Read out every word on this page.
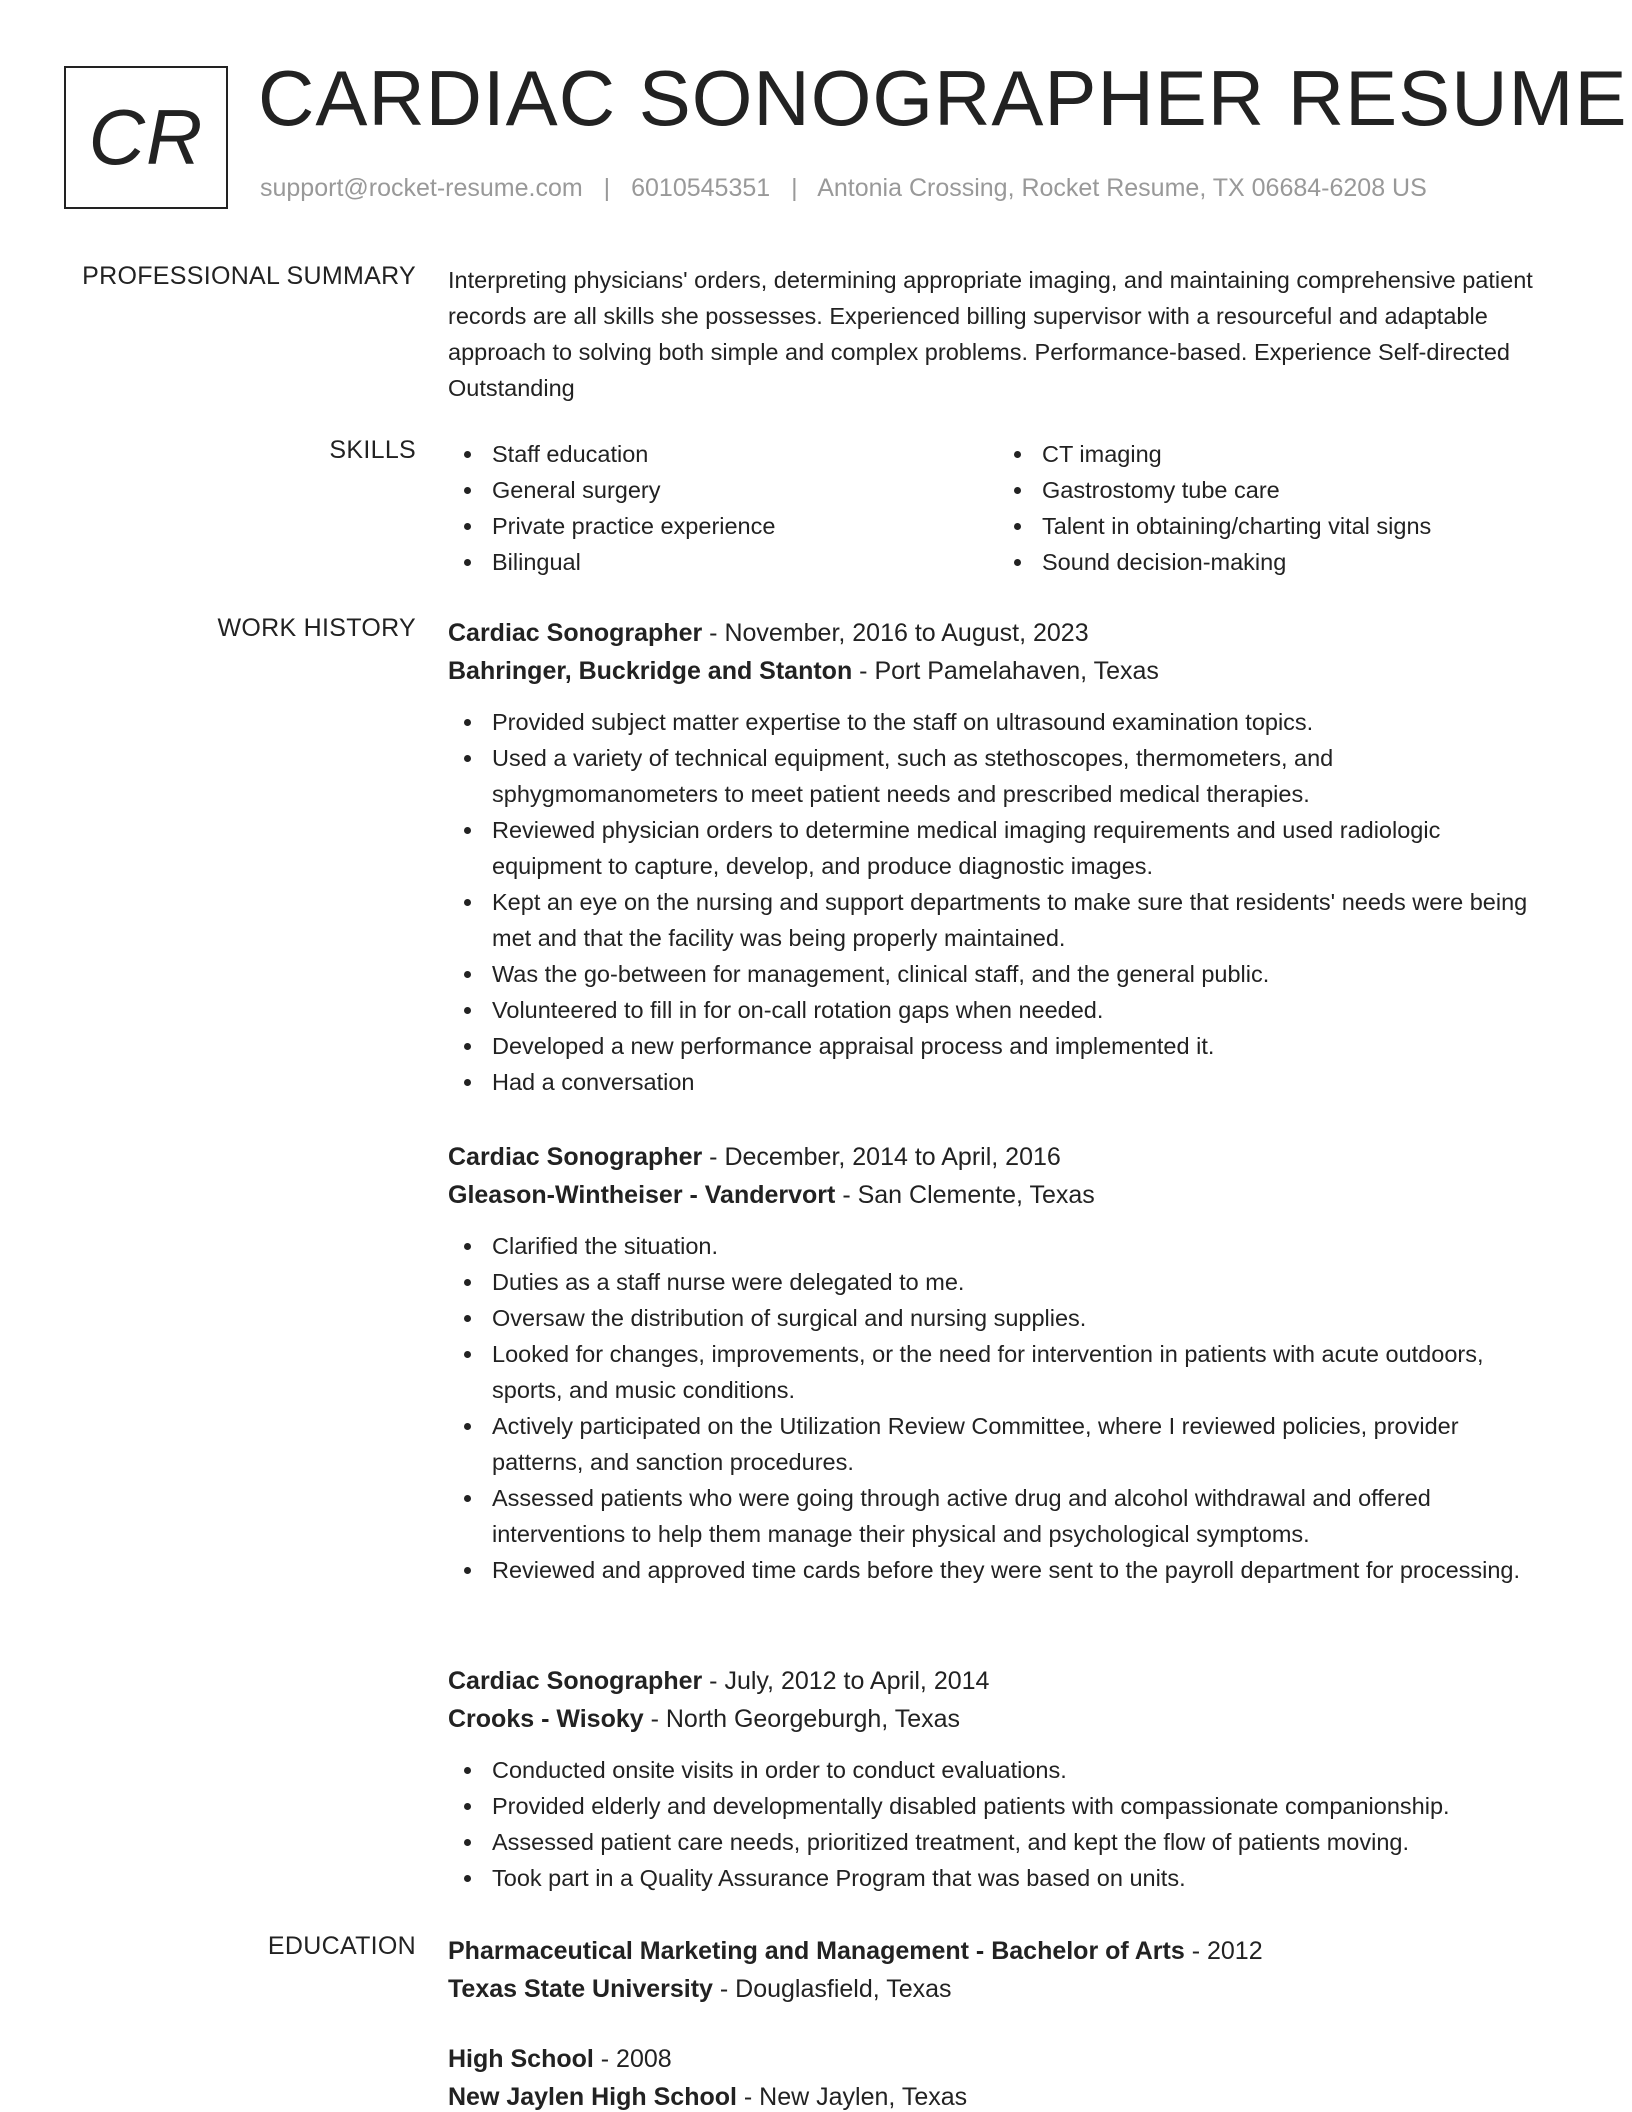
CR CARDIAC SONOGRAPHER RESUME
support@rocket-resume.com | 6010545351 | Antonia Crossing, Rocket Resume, TX 06684-6208 US
PROFESSIONAL SUMMARY Interpreting physicians' orders, determining appropriate imaging, and maintaining comprehensive patient records are all skills she possesses. Experienced billing supervisor with a resourceful and adaptable approach to solving both simple and complex problems. Performance-based. Experience Self-directed Outstanding
SKILLS	Staff education
General surgery
Private practice experience
Bilingual
CT imaging
Gastrostomy tube care
Talent in obtaining/charting vital signs
Sound decision-making
WORK HISTORY Cardiac Sonographer - November, 2016 to August, 2023
Bahringer, Buckridge and Stanton - Port Pamelahaven, Texas
Provided subject matter expertise to the staff on ultrasound examination topics.
Used a variety of technical equipment, such as stethoscopes, thermometers, and sphygmomanometers to meet patient needs and prescribed medical therapies.
Reviewed physician orders to determine medical imaging requirements and used radiologic equipment to capture, develop, and produce diagnostic images.
Kept an eye on the nursing and support departments to make sure that residents' needs were being met and that the facility was being properly maintained.
Was the go-between for management, clinical staff, and the general public.
Volunteered to fill in for on-call rotation gaps when needed.
Developed a new performance appraisal process and implemented it.
Had a conversation
Cardiac Sonographer - December, 2014 to April, 2016
Gleason-Wintheiser - Vandervort - San Clemente, Texas
Clarified the situation.
Duties as a staff nurse were delegated to me.
Oversaw the distribution of surgical and nursing supplies.
Looked for changes, improvements, or the need for intervention in patients with acute outdoors, sports, and music conditions.
Actively participated on the Utilization Review Committee, where I reviewed policies, provider patterns, and sanction procedures.
Assessed patients who were going through active drug and alcohol withdrawal and offered interventions to help them manage their physical and psychological symptoms.
Reviewed and approved time cards before they were sent to the payroll department for processing.
Cardiac Sonographer - July, 2012 to April, 2014
Crooks - Wisoky - North Georgeburgh, Texas
Conducted onsite visits in order to conduct evaluations.
Provided elderly and developmentally disabled patients with compassionate companionship.
Assessed patient care needs, prioritized treatment, and kept the flow of patients moving.
Took part in a Quality Assurance Program that was based on units.
EDUCATION Pharmaceutical Marketing and Management - Bachelor of Arts - 2012
Texas State University - Douglasfield, Texas
High School - 2008
New Jaylen High School - New Jaylen, Texas
